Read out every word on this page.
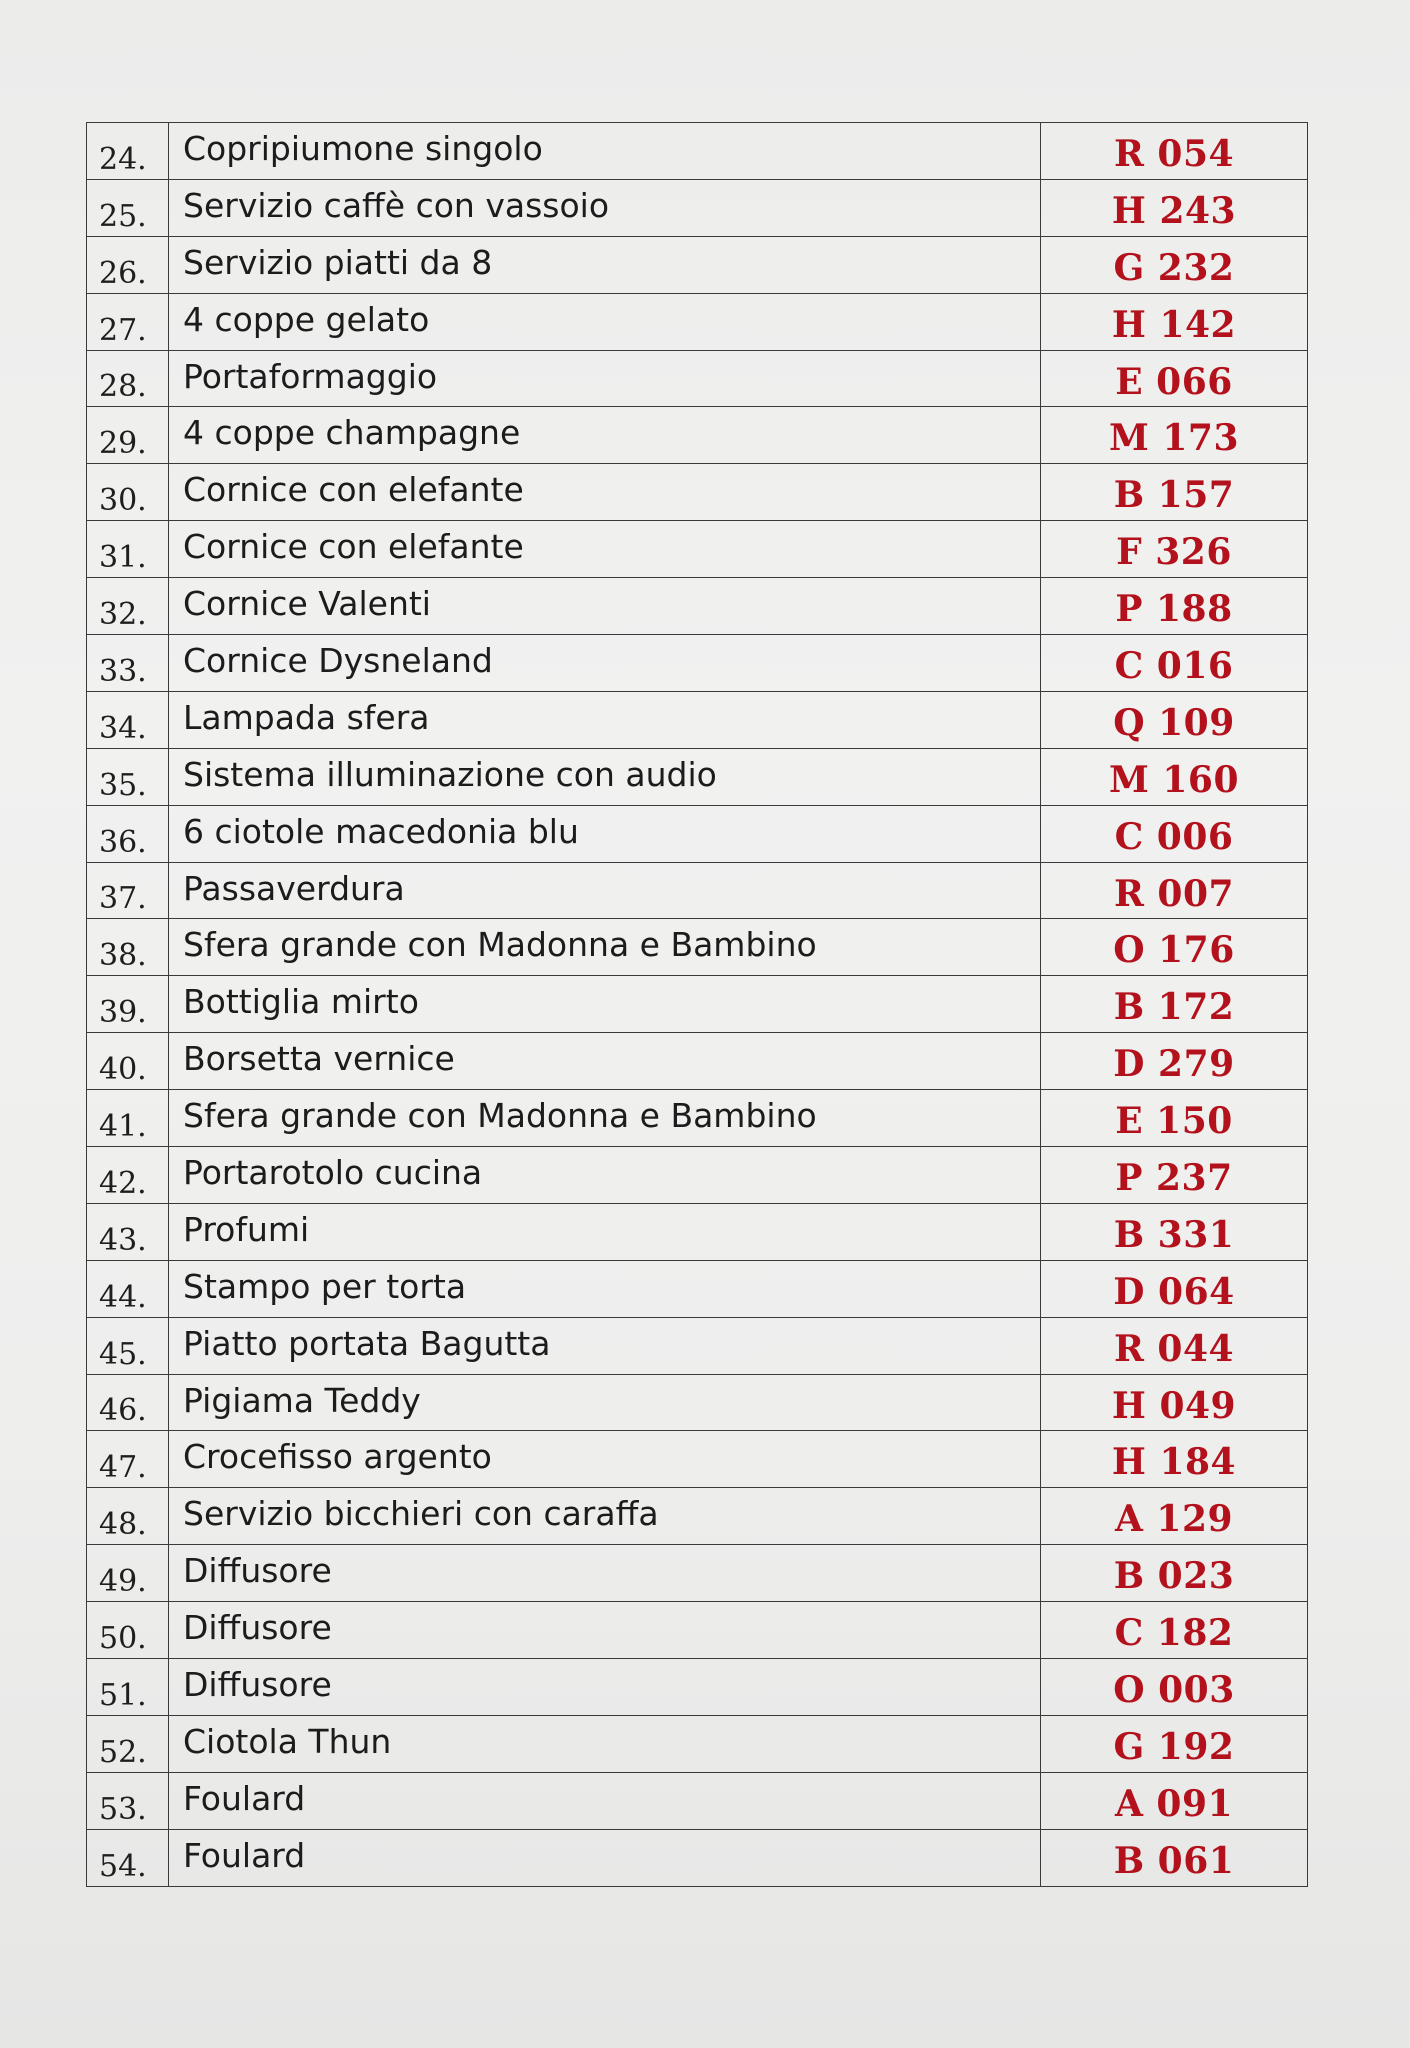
24.	Copripiumone singolo	R 054
25.	Servizio caffè con vassoio	H 243
26.	Servizio piatti da 8	G 232
27.	4 coppe gelato	H 142
28.	Portaformaggio	E 066
29.	4 coppe champagne	M 173
30.	Cornice con elefante	B 157
31.	Cornice con elefante	F 326
32.	Cornice Valenti	P 188
33.	Cornice Dysneland	C 016
34.	Lampada sfera	Q 109
35.	Sistema illuminazione con audio	M 160
36.	6 ciotole macedonia blu	C 006
37.	Passaverdura	R 007
38.	Sfera grande con Madonna e Bambino	O 176
39.	Bottiglia mirto	B 172
40.	Borsetta vernice	D 279
41.	Sfera grande con Madonna e Bambino	E 150
42.	Portarotolo cucina	P 237
43.	Profumi	B 331
44.	Stampo per torta	D 064
45.	Piatto portata Bagutta	R 044
46.	Pigiama Teddy	H 049
47.	Crocefisso argento	H 184
48.	Servizio bicchieri con caraffa	A 129
49.	Diffusore	B 023
50.	Diffusore	C 182
51.	Diffusore	O 003
52.	Ciotola Thun	G 192
53.	Foulard	A 091
54.	Foulard	B 061
